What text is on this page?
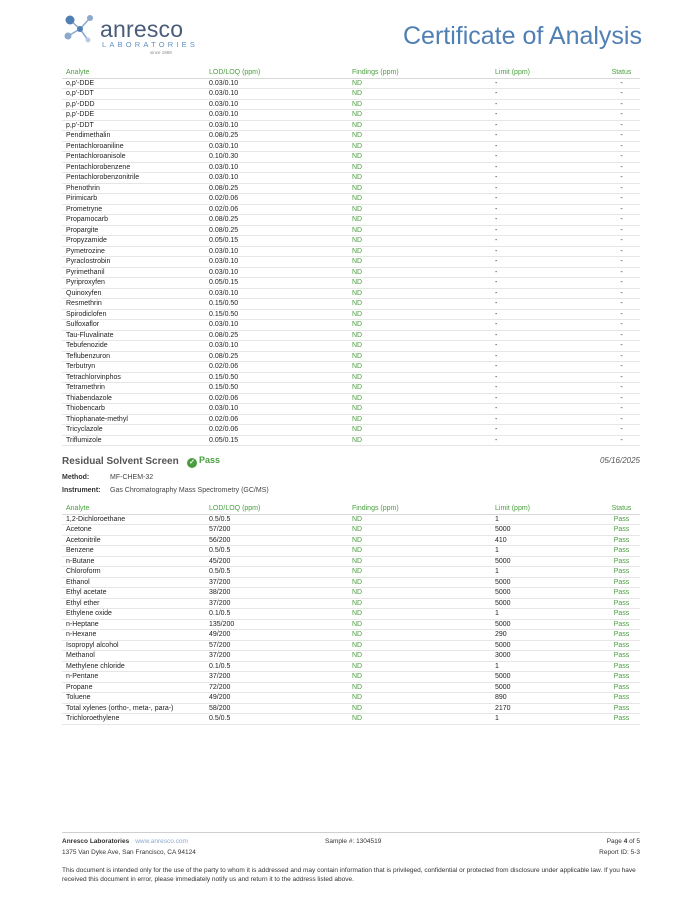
anresco
LABORATORIES
since 1969
Certificate of Analysis
Analyte	LOD/LOQ (ppm)	Findings (ppm)	Limit (ppm)	Status
o,p'-DDE	0.03/0.10	ND	-	-
o,p'-DDT	0.03/0.10	ND	-	-
p,p'-DDD	0.03/0.10	ND	-	-
p,p'-DDE	0.03/0.10	ND	-	-
p,p'-DDT	0.03/0.10	ND	-	-
Pendimethalin	0.08/0.25	ND	-	-
Pentachloroaniline	0.03/0.10	ND	-	-
Pentachloroanisole	0.10/0.30	ND	-	-
Pentachlorobenzene	0.03/0.10	ND	-	-
Pentachlorobenzonitrile	0.03/0.10	ND	-	-
Phenothrin	0.08/0.25	ND	-	-
Pirimicarb	0.02/0.06	ND	-	-
Prometryne	0.02/0.06	ND	-	-
Propamocarb	0.08/0.25	ND	-	-
Propargite	0.08/0.25	ND	-	-
Propyzamide	0.05/0.15	ND	-	-
Pymetrozine	0.03/0.10	ND	-	-
Pyraclostrobin	0.03/0.10	ND	-	-
Pyrimethanil	0.03/0.10	ND	-	-
Pyriproxyfen	0.05/0.15	ND	-	-
Quinoxyfen	0.03/0.10	ND	-	-
Resmethrin	0.15/0.50	ND	-	-
Spirodiclofen	0.15/0.50	ND	-	-
Sulfoxaflor	0.03/0.10	ND	-	-
Tau-Fluvalinate	0.08/0.25	ND	-	-
Tebufenozide	0.03/0.10	ND	-	-
Teflubenzuron	0.08/0.25	ND	-	-
Terbutryn	0.02/0.06	ND	-	-
Tetrachlorvinphos	0.15/0.50	ND	-	-
Tetramethrin	0.15/0.50	ND	-	-
Thiabendazole	0.02/0.06	ND	-	-
Thiobencarb	0.03/0.10	ND	-	-
Thiophanate-methyl	0.02/0.06	ND	-	-
Tricyclazole	0.02/0.06	ND	-	-
Triflumizole	0.05/0.15	ND	-	-
Residual Solvent Screen ✓ Pass	05/16/2025
Method:	MF-CHEM-32
Instrument: Gas Chromatography Mass Spectrometry (GC/MS)
Analyte	LOD/LOQ (ppm)	Findings (ppm)	Limit (ppm)	Status
1,2-Dichloroethane	0.5/0.5	ND	1	Pass
Acetone	57/200	ND	5000	Pass
Acetonitrile	56/200	ND	410	Pass
Benzene	0.5/0.5	ND	1	Pass
n-Butane	45/200	ND	5000	Pass
Chloroform	0.5/0.5	ND	1	Pass
Ethanol	37/200	ND	5000	Pass
Ethyl acetate	38/200	ND	5000	Pass
Ethyl ether	37/200	ND	5000	Pass
Ethylene oxide	0.1/0.5	ND	1	Pass
n-Heptane	135/200	ND	5000	Pass
n-Hexane	49/200	ND	290	Pass
Isopropyl alcohol	57/200	ND	5000	Pass
Methanol	37/200	ND	3000	Pass
Methylene chloride	0.1/0.5	ND	1	Pass
n-Pentane	37/200	ND	5000	Pass
Propane	72/200	ND	5000	Pass
Toluene	49/200	ND	890	Pass
Total xylenes (ortho-, meta-, para-)	58/200	ND	2170	Pass
Trichloroethylene	0.5/0.5	ND	1	Pass
Anresco Laboratories www.anresco.com
1375 Van Dyke Ave, San Francisco, CA 94124
Sample #: 1304519	Page 4 of 5
Report ID: 5-3
This document is intended only for the use of the party to whom it is addressed and may contain information that is privileged, confidential or protected from disclosure under applicable law. If you have received this document in error, please immediately notify us and return it to the address listed above.
